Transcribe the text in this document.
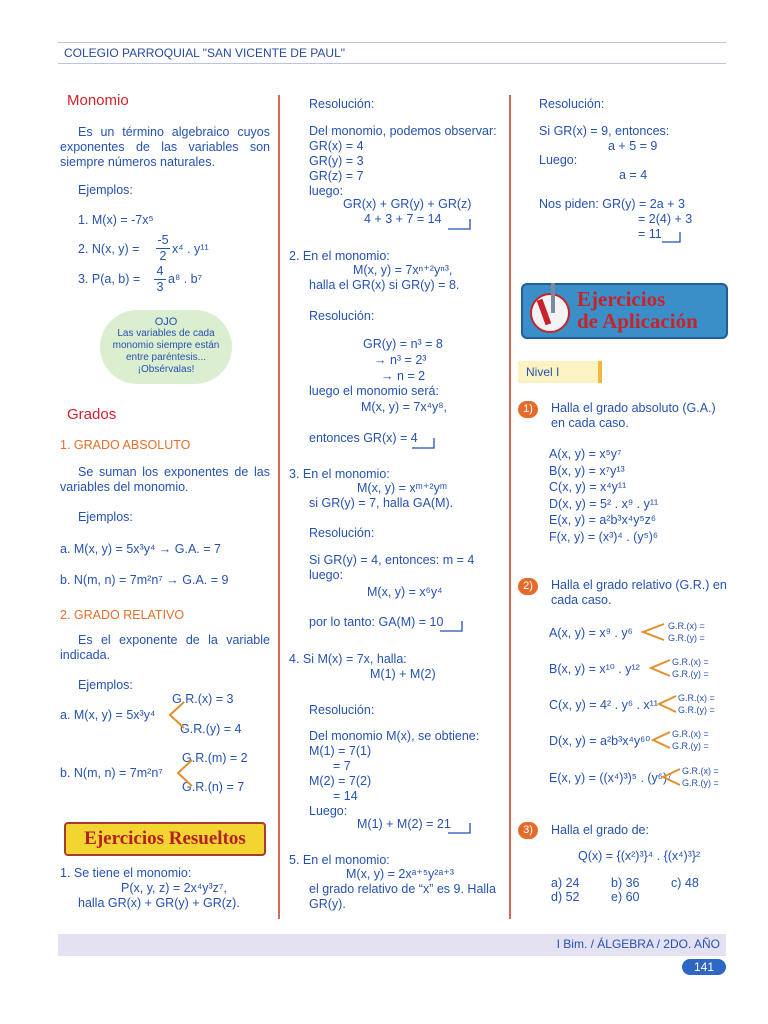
COLEGIO PARROQUIAL "SAN VICENTE DE PAUL"
Monomio
Es un término algebraico cuyos exponentes de las variables son siempre números naturales.
Ejemplos:
1. M(x) = -7x⁵
2. N(x, y) =
-5
2 x⁴ . y¹¹
3. P(a, b) =
4
3
a⁸ . b⁷
OJO
Las variables de cada monomio siempre están entre paréntesis... ¡Obsérvalas!
Grados
1. GRADO ABSOLUTO
Se suman los exponentes de las variables del monomio.
Ejemplos:
a. M(x, y) = 5x³y⁴ → G.A. = 7
b. N(m, n) = 7m²n⁷ → G.A. = 9
2. GRADO RELATIVO
Es el exponente de la variable indicada.
Ejemplos:
G.R.(x) = 3
a. M(x, y) = 5x³y⁴
G.R.(y) = 4
G.R.(m) = 2
b. N(m, n) = 7m²n⁷
G.R.(n) = 7
Ejercicios Resueltos
1. Se tiene el monomio:
P(x, y, z) = 2x⁴y³z⁷,
halla GR(x) + GR(y) + GR(z).
Resolución:
Del monomio, podemos observar:
GR(x) = 4
GR(y) = 3
GR(z) = 7
luego:
GR(x) + GR(y) + GR(z)
4 + 3 + 7 = 14
2. En el monomio:
M(x, y) = 7xⁿ⁺²yⁿ³,
halla el GR(x) si GR(y) = 8.
Resolución:
GR(y) = n³ = 8
→ n³ = 2³
→ n = 2
luego el monomio será:
M(x, y) = 7x⁴y⁸,
entonces GR(x) = 4
3. En el monomio:
M(x, y) = xᵐ⁺²yᵐ
si GR(y) = 7, halla GA(M).
Resolución:
Si GR(y) = 4, entonces: m = 4
luego:
M(x, y) = x⁶y⁴
por lo tanto: GA(M) = 10
4. Si M(x) = 7x, halla:
M(1) + M(2)
Resolución:
Del monomio M(x), se obtiene:
M(1) = 7(1)
= 7
M(2) = 7(2)
= 14
Luego:
M(1) + M(2) = 21
5. En el monomio:
M(x, y) = 2xᵃ⁺⁵y²ᵃ⁺³
el grado relativo de “x” es 9. Halla GR(y).
Resolución:
Si GR(x) = 9, entonces:
a + 5 = 9
Luego:
a = 4
Nos piden: GR(y) = 2a + 3
= 2(4) + 3
= 11
Ejercicios
de Aplicación
Nivel I
1)	Halla el grado absoluto (G.A.) en cada caso.
A(x, y) = x⁵y⁷
B(x, y) = x⁷y¹³
C(x, y) = x⁴y¹¹
D(x, y) = 5² . x⁹ . y¹¹
E(x, y) = a²b³x⁴y⁵z⁶
F(x, y) = (x³)⁴ . (y⁵)⁶
2)	Halla el grado relativo (G.R.) en cada caso.
A(x, y) = x⁹ . y⁶	G.R.(x) =
G.R.(y) =
B(x, y) = x¹⁰ . y¹²	G.R.(x) =
G.R.(y) =
C(x, y) = 4² . y⁶ . x¹¹ G.R.(x) =
G.R.(y) =
D(x, y) = a²b³x⁴y⁶⁰ G.R.(x) =
G.R.(y) =
E(x, y) = ((x⁴)³)⁵ . (y⁶)⁷ G.R.(x) =
G.R.(y) =
3)	Halla el grado de:
Q(x) = {(x²)³}⁴ . {(x⁴)³}²
a) 24	b) 36	c) 48
d) 52	e) 60
I Bim. / ÁLGEBRA / 2DO. AÑO
141
